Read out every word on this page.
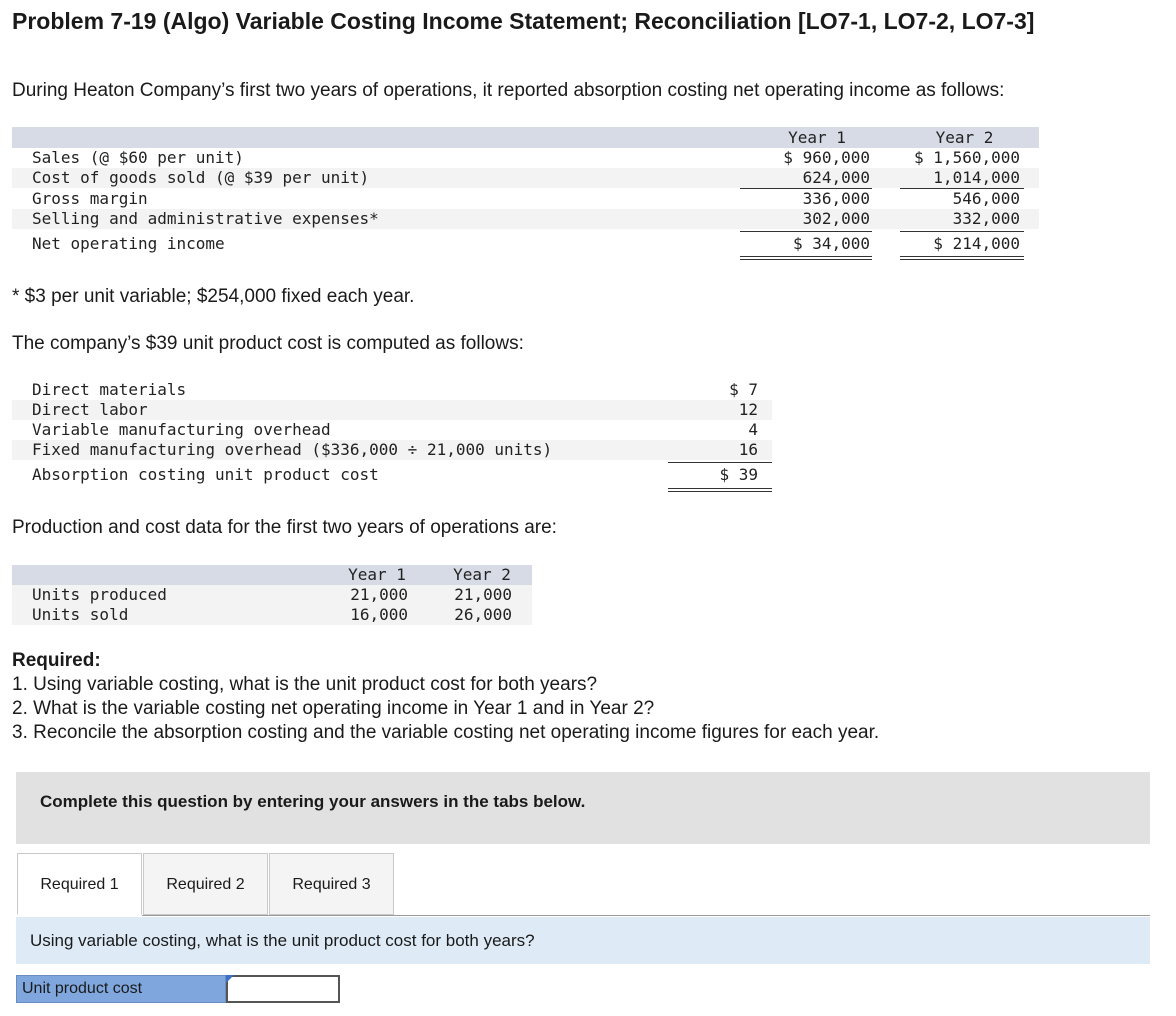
Problem 7-19 (Algo) Variable Costing Income Statement; Reconciliation [LO7-1, LO7-2, LO7-3]
During Heaton Company’s first two years of operations, it reported absorption costing net operating income as follows:
Year 1	Year 2
Sales (@ $60 per unit)	$ 960,000	$ 1,560,000
Cost of goods sold (@ $39 per unit)	624,000	1,014,000
Gross margin	336,000	546,000
Selling and administrative expenses*	302,000	332,000
Net operating income	$ 34,000	$ 214,000
* $3 per unit variable; $254,000 fixed each year.
The company’s $39 unit product cost is computed as follows:
Direct materials	$ 7
Direct labor	12
Variable manufacturing overhead	4
Fixed manufacturing overhead ($336,000 ÷ 21,000 units)	16
Absorption costing unit product cost	$ 39
Production and cost data for the first two years of operations are:
Year 1	Year 2
Units produced	21,000	21,000
Units sold	16,000	26,000
Required:
1. Using variable costing, what is the unit product cost for both years?
2. What is the variable costing net operating income in Year 1 and in Year 2?
3. Reconcile the absorption costing and the variable costing net operating income figures for each year.
Complete this question by entering your answers in the tabs below.
Required 1	Required 2	Required 3
Using variable costing, what is the unit product cost for both years?
Unit product cost
